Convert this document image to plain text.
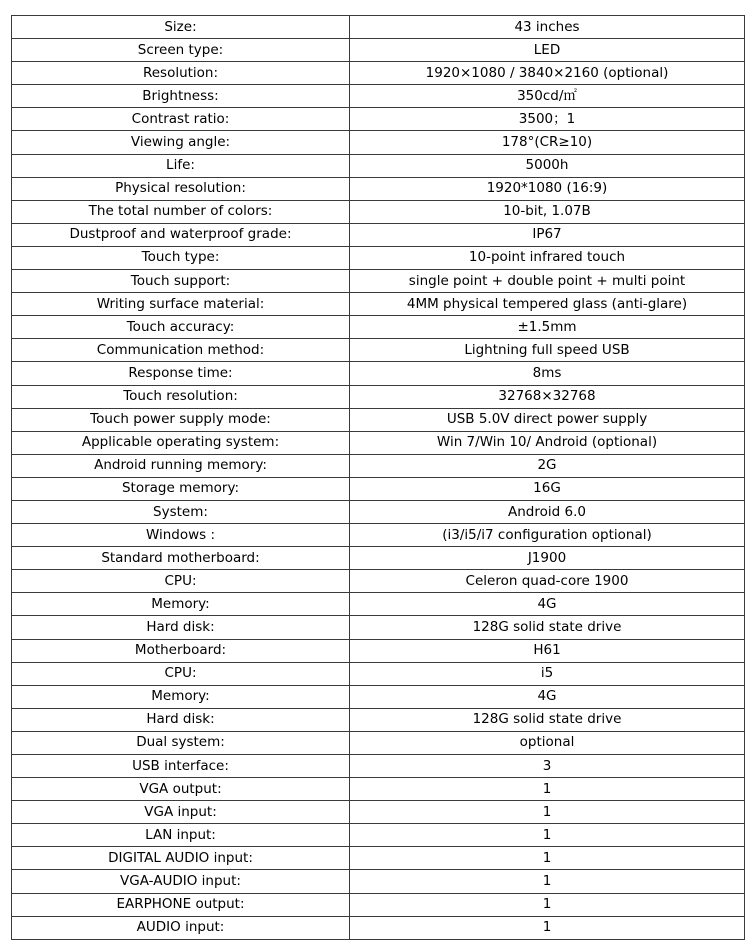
Size:	43 inches
Screen type:	LED
Resolution:	1920×1080 / 3840×2160 (optional)
Brightness:	350cd/㎡
Contrast ratio:	3500；1
Viewing angle:	178°(CR≥10)
Life:	5000h
Physical resolution:	1920*1080 (16:9)
The total number of colors:	10-bit, 1.07B
Dustproof and waterproof grade:	IP67
Touch type:	10-point infrared touch
Touch support:	single point + double point + multi point
Writing surface material:	4MM physical tempered glass (anti-glare)
Touch accuracy:	±1.5mm
Communication method:	Lightning full speed USB
Response time:	8ms
Touch resolution:	32768×32768
Touch power supply mode:	USB 5.0V direct power supply
Applicable operating system:	Win 7/Win 10/ Android (optional)
Android running memory:	2G
Storage memory:	16G
System:	Android 6.0
Windows :	(i3/i5/i7 configuration optional)
Standard motherboard:	J1900
CPU:	Celeron quad-core 1900
Memory:	4G
Hard disk:	128G solid state drive
Motherboard:	H61
CPU:	i5
Memory:	4G
Hard disk:	128G solid state drive
Dual system:	optional
USB interface:	3
VGA output:	1
VGA input:	1
LAN input:	1
DIGITAL AUDIO input:	1
VGA-AUDIO input:	1
EARPHONE output:	1
AUDIO input:	1
